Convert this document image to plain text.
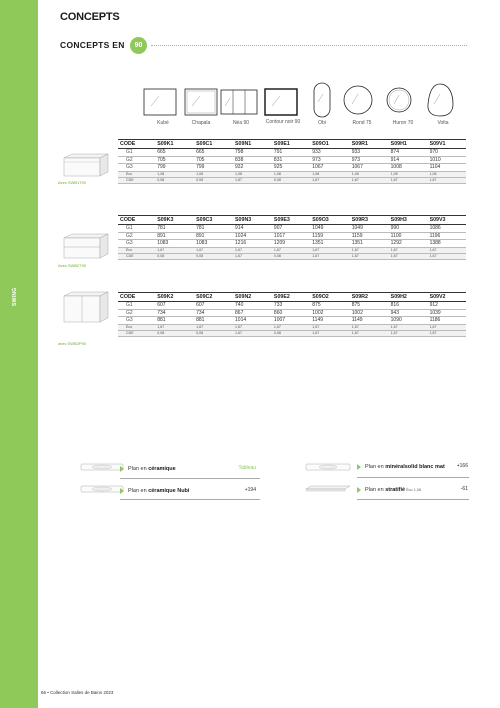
SWING
CONCEPTS
CONCEPTS EN	90
Kubé	Chapala	Néa 90	Contour noir 90	Obi	Rond 75	Huron 70	Volta
Avec SWB1790
Avec SWB2T90
avec SWB2P90
CODE	S09K1	S09C1	S09N1	S09E1	S09O1	S09R1	S09H1	S09V1
G1	665	665	798	791	933	933	874	970
G2	705	705	838	831	973	973	914	1010
G3	799	799	932	925	1067	1067	1008	1104
Éco	1,08	1,08	1,08	1,08	1,08	1,08	1,08	1,08
CDE	0,08	0,08	1,67	0,08	1,67	1,67	1,67	1,67
CODE	S09K3	S09C3	S09N3	S09E3	S09O3	S09R3	S09H3	S09V3
G1	781	781	914	907	1049	1049	990	1086
G2	891	891	1024	1017	1159	1159	1100	1196
G3	1083	1083	1216	1209	1351	1351	1292	1388
Éco	1,67	1,67	1,67	1,67	1,67	1,67	1,67	1,67
CDE	0,08	0,08	1,67	0,08	1,67	1,67	1,67	1,67
CODE	S09K2	S09C2	S09N2	S09E2	S09O2	S09R2	S09H2	S09V2
G1	607	607	740	733	875	875	816	912
G2	734	734	867	860	1002	1002	943	1039
G3	881	881	1014	1007	1149	1149	1090	1186
Éco	1,67	1,67	1,67	1,67	1,67	1,67	1,67	1,67
CDE	0,08	0,08	1,67	0,08	1,67	1,67	1,67	1,67
Plan en céramique	Tableau
Plan en céramique Nubi	+194
Plan en minéralsolid blanc mat	+166
Plan en stratifié Éco 1,08	-61
66 • Collection Salles de Bains 2023
